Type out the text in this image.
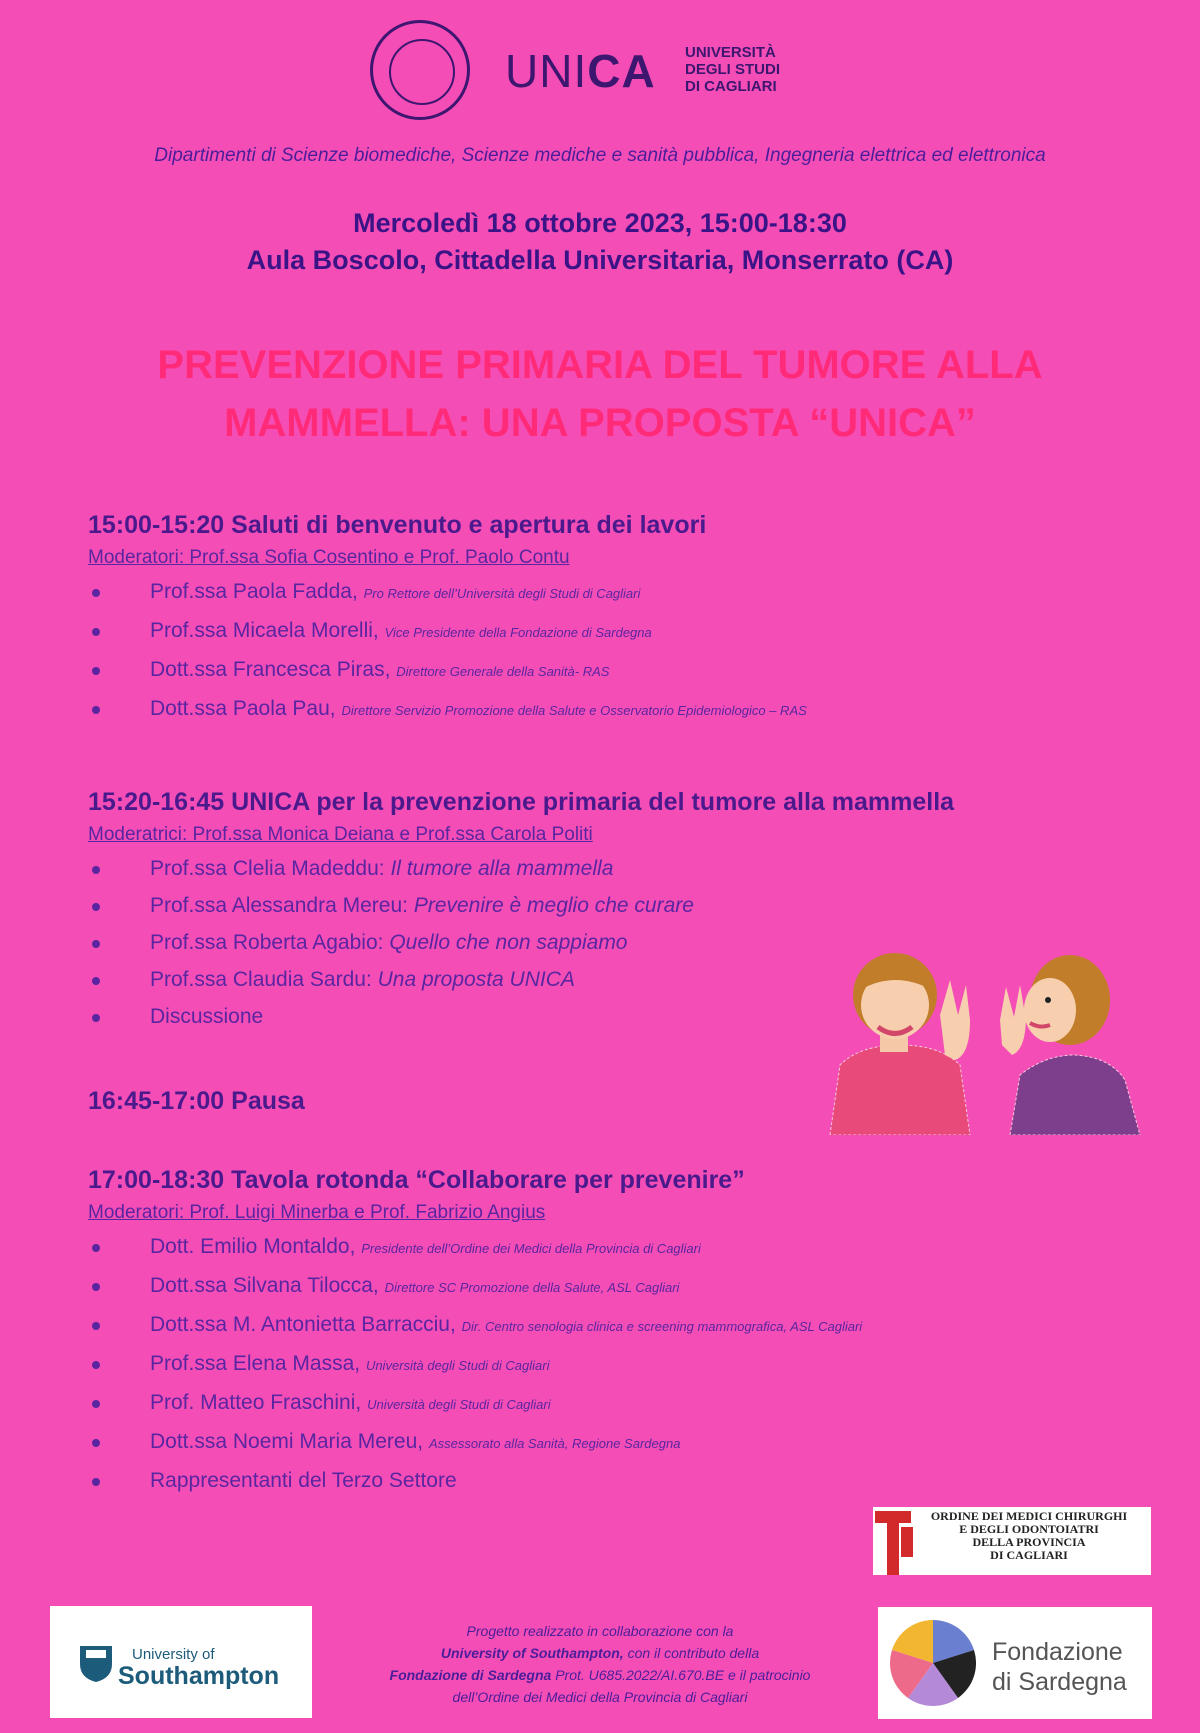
UNICA UNIVERSITÀ
DEGLI STUDI
DI CAGLIARI
Dipartimenti di Scienze biomediche, Scienze mediche e sanità pubblica, Ingegneria elettrica ed elettronica
Mercoledì 18 ottobre 2023, 15:00-18:30
Aula Boscolo, Cittadella Universitaria, Monserrato (CA)
PREVENZIONE PRIMARIA DEL TUMORE ALLA
MAMMELLA: UNA PROPOSTA “UNICA”
15:00-15:20 Saluti di benvenuto e apertura dei lavori
Moderatori: Prof.ssa Sofia Cosentino e Prof. Paolo Contu
Prof.ssa Paola Fadda, Pro Rettore dell’Università degli Studi di Cagliari
Prof.ssa Micaela Morelli, Vice Presidente della Fondazione di Sardegna
Dott.ssa Francesca Piras, Direttore Generale della Sanità- RAS
Dott.ssa Paola Pau, Direttore Servizio Promozione della Salute e Osservatorio Epidemiologico – RAS
15:20-16:45 UNICA per la prevenzione primaria del tumore alla mammella
Moderatrici: Prof.ssa Monica Deiana e Prof.ssa Carola Politi
Prof.ssa Clelia Madeddu: Il tumore alla mammella
Prof.ssa Alessandra Mereu: Prevenire è meglio che curare
Prof.ssa Roberta Agabio: Quello che non sappiamo
Prof.ssa Claudia Sardu: Una proposta UNICA
Discussione
16:45-17:00 Pausa
17:00-18:30 Tavola rotonda “Collaborare per prevenire”
Moderatori: Prof. Luigi Minerba e Prof. Fabrizio Angius
Dott. Emilio Montaldo, Presidente dell’Ordine dei Medici della Provincia di Cagliari
Dott.ssa Silvana Tilocca, Direttore SC Promozione della Salute, ASL Cagliari
Dott.ssa M. Antonietta Barracciu, Dir. Centro senologia clinica e screening mammografica, ASL Cagliari
Prof.ssa Elena Massa, Università degli Studi di Cagliari
Prof. Matteo Fraschini, Università degli Studi di Cagliari
Dott.ssa Noemi Maria Mereu, Assessorato alla Sanità, Regione Sardegna
Rappresentanti del Terzo Settore
ORDINE DEI MEDICI CHIRURGHI
E DEGLI ODONTOIATRI
DELLA PROVINCIA
DI CAGLIARI
University of
Southampton
Progetto realizzato in collaborazione con la
University of Southampton, con il contributo della
Fondazione di Sardegna Prot. U685.2022/AI.670.BE e il patrocinio
dell’Ordine dei Medici della Provincia di Cagliari
Fondazione
di Sardegna
